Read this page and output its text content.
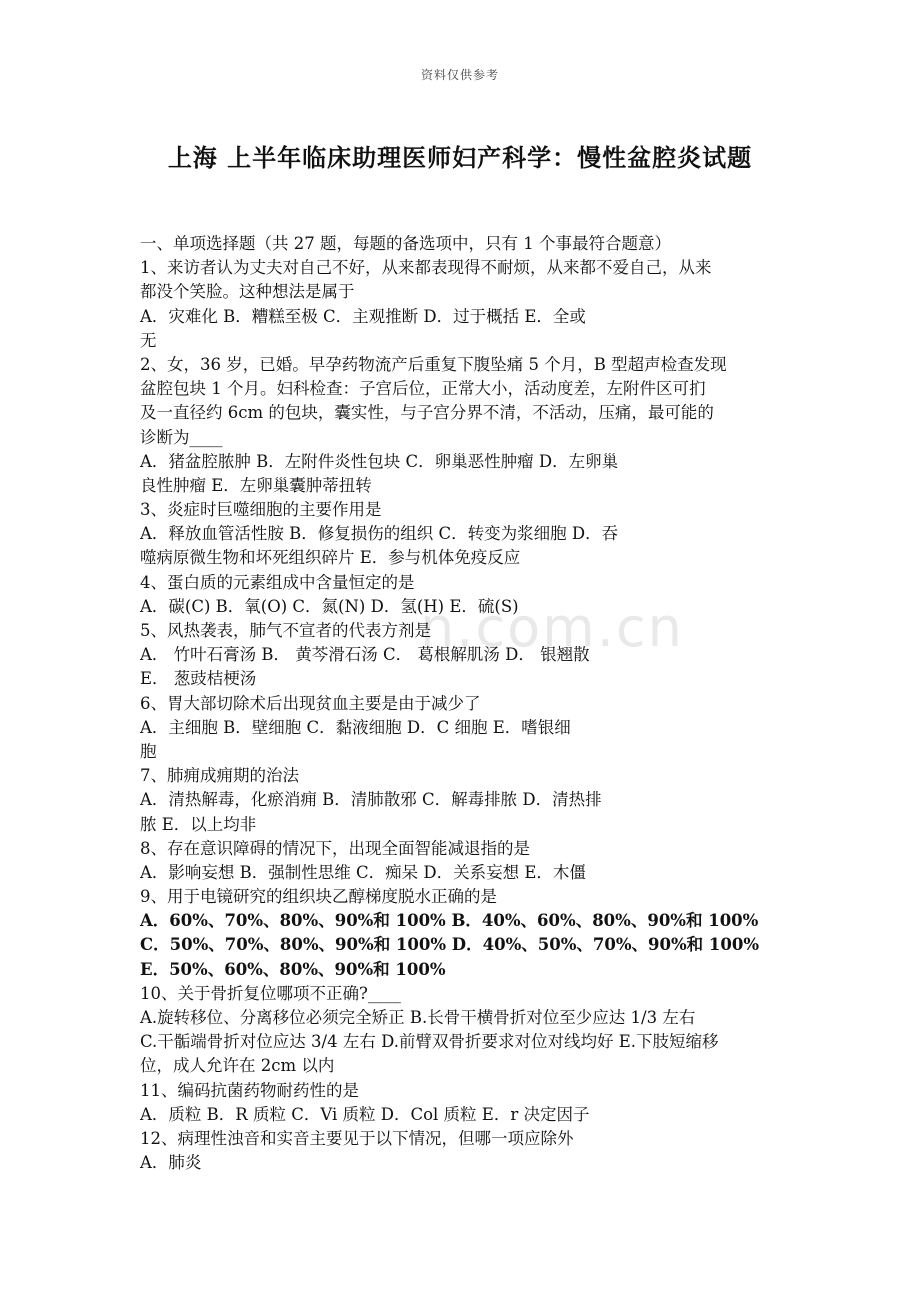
资料仅供参考
上海 上半年临床助理医师妇产科学：慢性盆腔炎试题
n.com.cn
一、单项选择题（共 27 题，每题的备选项中，只有 1 个事最符合题意）
1、来访者认为丈夫对自己不好，从来都表现得不耐烦，从来都不爱自己，从来
都没个笑脸。这种想法是属于
A．灾难化 B．糟糕至极 C．主观推断 D．过于概括 E．全或
无
2、女，36 岁，已婚。早孕药物流产后重复下腹坠痛 5 个月，B 型超声检查发现
盆腔包块 1 个月。妇科检查：子宫后位，正常大小，活动度差，左附件区可扪
及一直径约 6cm 的包块，囊实性，与子宫分界不清，不活动，压痛，最可能的
诊断为____
A．猪盆腔脓肿 B．左附件炎性包块 C．卵巢恶性肿瘤 D．左卵巢
良性肿瘤 E．左卵巢囊肿蒂扭转
3、炎症时巨噬细胞的主要作用是
A．释放血管活性胺 B．修复损伤的组织 C．转变为浆细胞 D．吞
噬病原微生物和坏死组织碎片 E．参与机体免疫反应
4、蛋白质的元素组成中含量恒定的是
A．碳(C) B．氧(O) C．氮(N) D．氢(H) E．硫(S)
5、风热袭表，肺气不宣者的代表方剂是
A． 竹叶石膏汤 B． 黄芩滑石汤 C． 葛根解肌汤 D． 银翘散
E． 葱豉桔梗汤
6、胃大部切除术后出现贫血主要是由于减少了
A．主细胞 B．壁细胞 C．黏液细胞 D．C 细胞 E．嗜银细
胞
7、肺痈成痈期的治法
A．清热解毒，化瘀消痈 B．清肺散邪 C．解毒排脓 D．清热排
脓 E．以上均非
8、存在意识障碍的情况下，出现全面智能减退指的是
A．影响妄想 B．强制性思维 C．痴呆 D．关系妄想 E．木僵
9、用于电镜研究的组织块乙醇梯度脱水正确的是
A．60%、70%、80%、90%和 100% B．40%、60%、80%、90%和 100%
C．50%、70%、80%、90%和 100% D．40%、50%、70%、90%和 100%
E．50%、60%、80%、90%和 100%
10、关于骨折复位哪项不正确?____
A.旋转移位、分离移位必须完全矫正 B.长骨干横骨折对位至少应达 1/3 左右
C.干骺端骨折对位应达 3/4 左右 D.前臂双骨折要求对位对线均好 E.下肢短缩移
位，成人允许在 2cm 以内
11、编码抗菌药物耐药性的是
A．质粒 B．R 质粒 C．Vi 质粒 D．Col 质粒 E．r 决定因子
12、病理性浊音和实音主要见于以下情况，但哪一项应除外
A．肺炎
